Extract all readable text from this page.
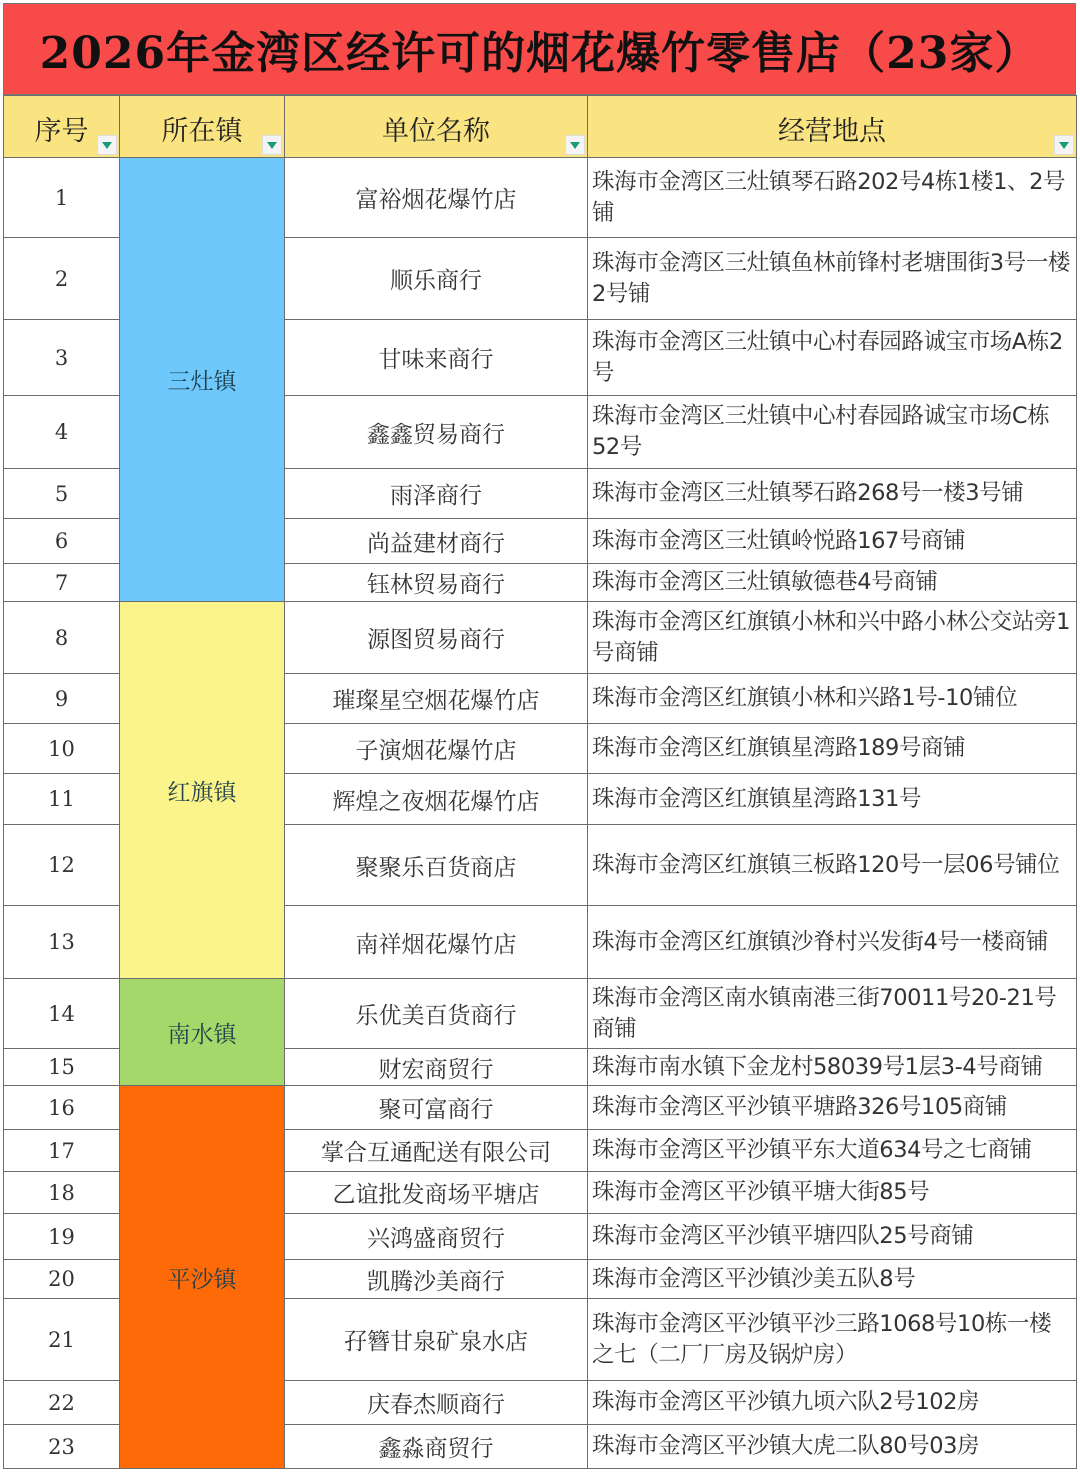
2026年金湾区经许可的烟花爆竹零售店（23家）
序号	所在镇	单位名称	经营地点

1	三灶镇	富裕烟花爆竹店	珠海市金湾区三灶镇琴石路202号4栋1楼1、2号铺
2		顺乐商行	珠海市金湾区三灶镇鱼林前锋村老塘围街3号一楼2号铺
3		甘味来商行	珠海市金湾区三灶镇中心村春园路诚宝市场A栋2号
4		鑫鑫贸易商行	珠海市金湾区三灶镇中心村春园路诚宝市场C栋52号
5		雨泽商行	珠海市金湾区三灶镇琴石路268号一楼3号铺
6		尚益建材商行	珠海市金湾区三灶镇岭悦路167号商铺
7		钰林贸易商行	珠海市金湾区三灶镇敏德巷4号商铺
8	红旗镇	源图贸易商行	珠海市金湾区红旗镇小林和兴中路小林公交站旁1号商铺
9		璀璨星空烟花爆竹店	珠海市金湾区红旗镇小林和兴路1号-10铺位
10		子演烟花爆竹店	珠海市金湾区红旗镇星湾路189号商铺
11		辉煌之夜烟花爆竹店	珠海市金湾区红旗镇星湾路131号
12		聚聚乐百货商店	珠海市金湾区红旗镇三板路120号一层06号铺位
13		南祥烟花爆竹店	珠海市金湾区红旗镇沙脊村兴发街4号一楼商铺
14	南水镇	乐优美百货商行	珠海市金湾区南水镇南港三街70011号20-21号商铺
15		财宏商贸行	珠海市南水镇下金龙村58039号1层3-4号商铺
16	平沙镇	聚可富商行	珠海市金湾区平沙镇平塘路326号105商铺
17		掌合互通配送有限公司	珠海市金湾区平沙镇平东大道634号之七商铺
18		乙谊批发商场平塘店	珠海市金湾区平沙镇平塘大街85号
19		兴鸿盛商贸行	珠海市金湾区平沙镇平塘四队25号商铺
20		凯腾沙美商行	珠海市金湾区平沙镇沙美五队8号
21		孖簪甘泉矿泉水店	珠海市金湾区平沙镇平沙三路1068号10栋一楼之七（二厂厂房及锅炉房）
22		庆春杰顺商行	珠海市金湾区平沙镇九顷六队2号102房
23		鑫淼商贸行	珠海市金湾区平沙镇大虎二队80号03房
